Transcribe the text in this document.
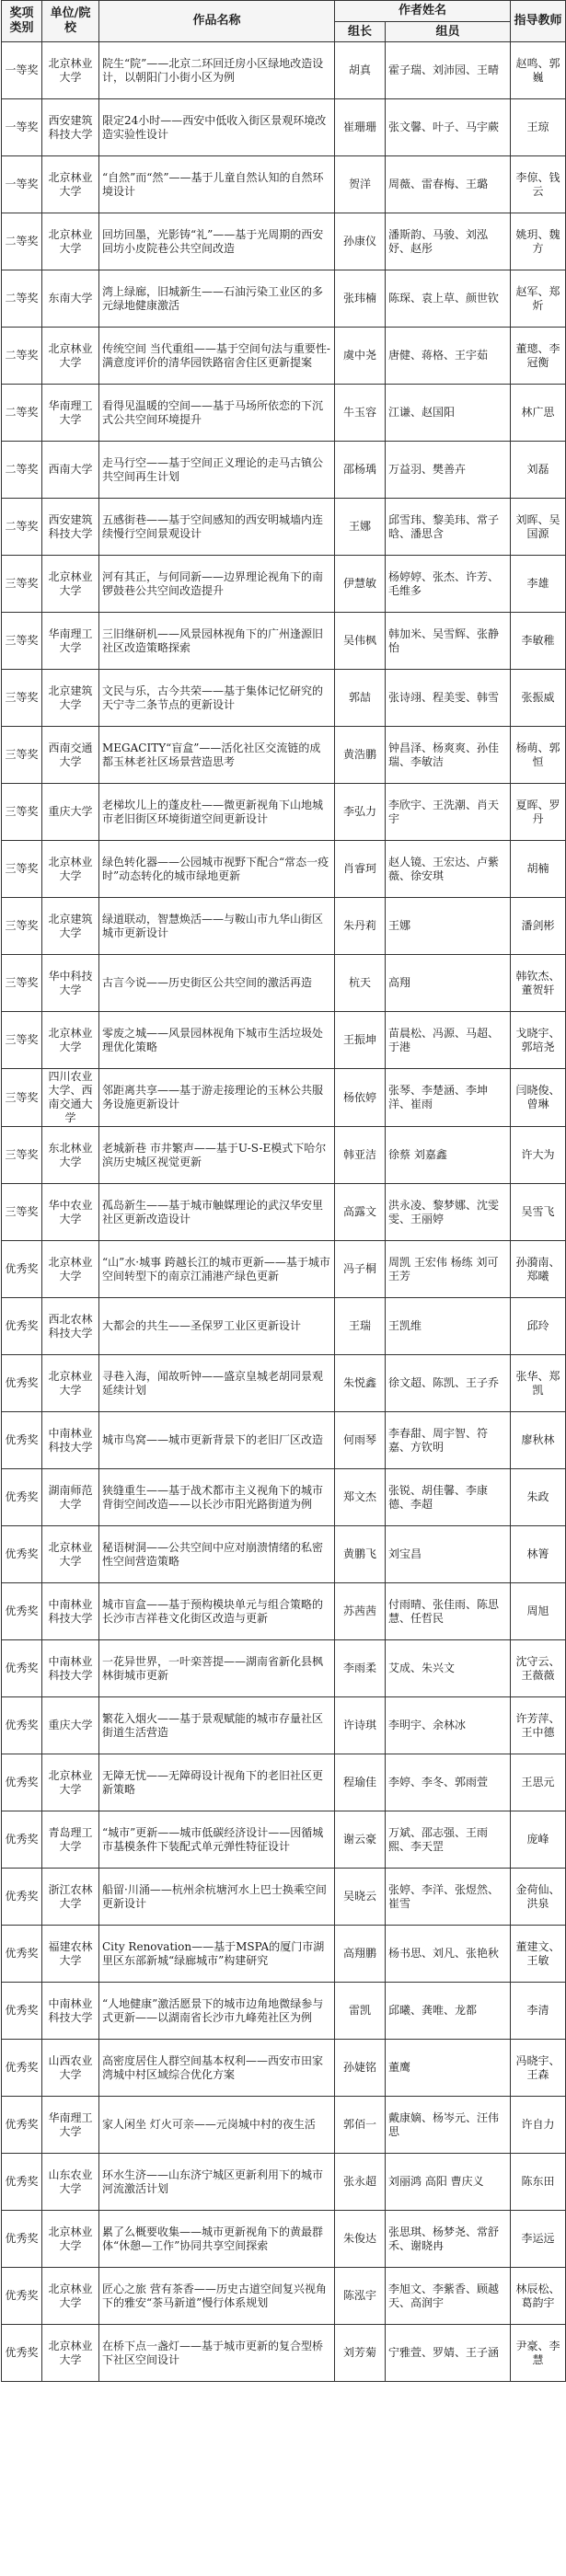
奖项类别	单位/院校	作品名称	作者姓名		指导教师
			组长	组员	
一等奖	北京林业大学	院生“院”——北京二环回迁房小区绿地改造设计，以朝阳门小街小区为例	胡真	霍子瑞、刘沛园、王晴	赵鸣、郭巍
一等奖	西安建筑科技大学	限定24小时——西安中低收入街区景观环境改造实验性设计	崔珊珊	张文馨、叶子、马宇蕨	王琼
一等奖	北京林业大学	“自然”而“然”——基于儿童自然认知的自然环境设计	贺洋	周薇、雷春梅、王璐	李倞、钱云
二等奖	北京林业大学	回坊回墨，光影铸“礼”——基于光周期的西安回坊小皮院巷公共空间改造	孙康仪	潘斯韵、马骏、刘泓妤、赵彤	姚玥、魏方
二等奖	东南大学	湾上绿廊，旧城新生——石油污染工业区的多元绿地健康激活	张玮楠	陈琛、袁上草、颜世钦	赵军、郑炘
二等奖	北京林业大学	传统空间 当代重组——基于空间句法与重要性-满意度评价的清华园铁路宿舍住区更新提案	虞中尧	唐健、蒋格、王宇茹	董璁、李冠衡
二等奖	华南理工大学	看得见温暖的空间——基于马场所依恋的下沉式公共空间环境提升	牛玉容	江谦、赵国阳	林广思
二等奖	西南大学	走马行空——基于空间正义理论的走马古镇公共空间再生计划	邵杨瑀	万益羽、樊善卉	刘磊
二等奖	西安建筑科技大学	五感街巷——基于空间感知的西安明城墙内连续慢行空间景观设计	王娜	邱雪玮、黎美玮、常子晗、潘思含	刘晖、吴国源
三等奖	北京林业大学	河有其正，与何同新——边界理论视角下的南锣鼓巷公共空间改造提升	伊慧敏	杨婷婷、张杰、许芳、毛维多	李雄
三等奖	华南理工大学	三旧继研机——风景园林视角下的广州逢源旧社区改造策略探索	吴伟枫	韩加米、吴雪辉、张静怡	李敏稚
三等奖	北京建筑大学	文民与乐，古今共荣——基于集体记忆研究的天宁寺二条节点的更新设计	郭喆	张诗翊、程美雯、韩雪	张振威
三等奖	西南交通大学	MEGACITY“盲盒”——活化社区交流链的成都玉林老社区场景营造思考	黄浩鹏	钟昌泽、杨爽爽、孙佳瑞、李敏洁	杨萌、郭恒
三等奖	重庆大学	老梯坎儿上的蓬皮杜——微更新视角下山地城市老旧街区环境街道空间更新设计	李弘力	李欣宇、王洗潮、肖天宇	夏晖、罗丹
三等奖	北京林业大学	绿色转化器——公园城市视野下配合“常态一疫时”动态转化的城市绿地更新	肖睿珂	赵人镜、王宏达、卢紫薇、徐安琪	胡楠
三等奖	北京建筑大学	绿道联动，智慧焕活——与鞍山市九华山街区城市更新设计	朱丹莉	王娜	潘剑彬
三等奖	华中科技大学	古言今说——历史街区公共空间的激活再造	杭天	高翔	韩钦杰、董贺轩
三等奖	北京林业大学	零废之城——风景园林视角下城市生活垃圾处理优化策略	王振坤	苗晨松、冯源、马超、于港	戈晓宇、郭培尧
三等奖	四川农业大学、西南交通大学	邻距离共享——基于游走接理论的玉林公共服务设施更新设计	杨依婷	张琴、李楚涵、李坤洋、崔雨	闫晓俊、曾琳
三等奖	东北林业大学	老城新巷 市井繁声——基于U-S-E模式下哈尔滨历史城区视觉更新	韩亚洁	徐蔡 刘嘉鑫	许大为
三等奖	华中农业大学	孤岛新生——基于城市触媒理论的武汉华安里社区更新改造设计	高露文	洪永凌、黎梦娜、沈雯雯、王丽婷	吴雪飞
优秀奖	北京林业大学	“山”水·城事 跨越长江的城市更新——基于城市空间转型下的南京江浦港产绿色更新	冯子桐	周凯 王宏伟 杨练 刘可 王芳	孙漪南、郑曦
优秀奖	西北农林科技大学	大都会的共生——圣保罗工业区更新设计	王瑞	王凯维	邱玲
优秀奖	北京林业大学	寻巷入海，闻故听钟——盛京皇城老胡同景观延续计划	朱悦鑫	徐文超、陈凯、王子乔	张华、郑凯
优秀奖	中南林业科技大学	城市鸟窝——城市更新背景下的老旧厂区改造	何雨琴	李春甜、周宇智、符嘉、方钦明	廖秋林
优秀奖	湖南师范大学	狭缝重生——基于战术都市主义视角下的城市背街空间改造——以长沙市阳光路街道为例	郑文杰	张锐、胡佳馨、李康德、李超	朱政
优秀奖	北京林业大学	秘语树洞——公共空间中应对崩溃情绪的私密性空间营造策略	黄鹏飞	刘宝昌	林箐
优秀奖	中南林业科技大学	城市盲盒——基于预构模块单元与组合策略的长沙市吉祥巷文化街区改造与更新	苏茜茜	付雨晴、张佳雨、陈思慧、任哲民	周旭
优秀奖	中南林业科技大学	一花异世界，一叶栾菩提——湖南省新化县枫林街城市更新	李雨柔	艾成、朱兴文	沈守云、王薇薇
优秀奖	重庆大学	繁花入烟火——基于景观赋能的城市存量社区街道生活营造	许诗琪	李明宇、余林冰	许芳萍、王中德
优秀奖	北京林业大学	无障无忧——无障碍设计视角下的老旧社区更新策略	程瑜佳	李婷、李冬、郭雨萱	王思元
优秀奖	青岛理工大学	“城市”更新——城市低碳经济设计——因循城市基模条件下装配式单元弹性特征设计	谢云豪	万斌、邵志强、王雨熙、李天罡	庞峰
优秀奖	浙江农林大学	船留·川涌——杭州余杭塘河水上巴士换乘空间更新设计	吴晓云	张婷、李洋、张煜然、崔雪	金荷仙、洪泉
优秀奖	福建农林大学	City Renovation——基于MSPA的厦门市湖里区东部新城“绿廊城市”构建研究	高翔鹏	杨书思、刘凡、张艳秋	董建文、王敏
优秀奖	中南林业科技大学	“人地健康”激活愿景下的城市边角地微绿参与式更新——以湖南省长沙市九峰苑社区为例	雷凯	邱曦、龚唯、龙都	李清
优秀奖	山西农业大学	高密度居住人群空间基本权利——西安市田家湾城中村区域综合优化方案	孙婕铭	董鹰	冯晓宇、王森
优秀奖	华南理工大学	家人闲坐 灯火可亲——元岗城中村的夜生活	郭佰一	戴康嫡、杨岑元、汪伟思	许自力
优秀奖	山东农业大学	环水生济——山东济宁城区更新利用下的城市河流激活计划	张永超	刘丽鸿 高阳 曹庆义	陈东田
优秀奖	北京林业大学	累了么概要收集——城市更新视角下的黄最群体“休憩—工作”协同共享空间探索	朱俊达	张思琪、杨梦尧、常舒禾、谢晓冉	李运远
优秀奖	北京林业大学	匠心之旅 营有茶香——历史古道空间复兴视角下的雅安“茶马新道”慢行体系规划	陈泓宇	李旭文、李紫香、顾越天、高润宇	林辰松、葛韵宇
优秀奖	北京林业大学	在桥下点一盏灯——基于城市更新的复合型桥下社区空间设计	刘芳菊	宁雅萱、罗婧、王子涵	尹豪、李慧
